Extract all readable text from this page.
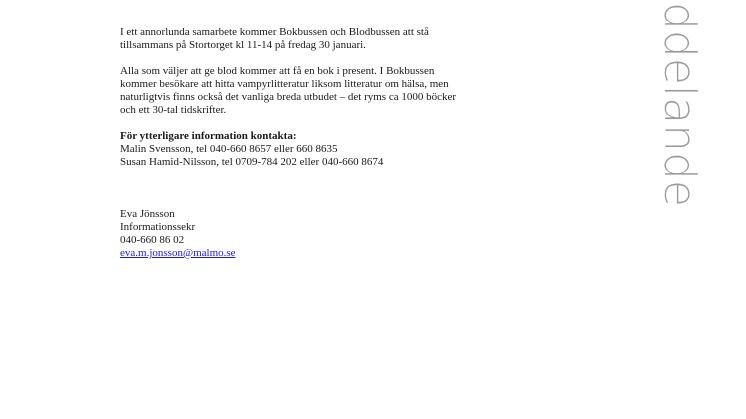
ddelande

I ett annorlunda samarbete kommer Bokbussen och Blodbussen att stå
tillsammans på Stortorget kl 11-14 på fredag 30 januari.

Alla som väljer att ge blod kommer att få en bok i present. I Bokbussen
kommer besökare att hitta vampyrlitteratur liksom litteratur om hälsa, men
naturligtvis finns också det vanliga breda utbudet – det ryms ca 1000 böcker
och ett 30-tal tidskrifter.

För ytterligare information kontakta:
Malin Svensson, tel 040-660 8657 eller 660 8635
Susan Hamid-Nilsson, tel 0709-784 202 eller 040-660 8674
Eva Jönsson
Informationssekr
040-660 86 02
eva.m.jonsson@malmo.se
